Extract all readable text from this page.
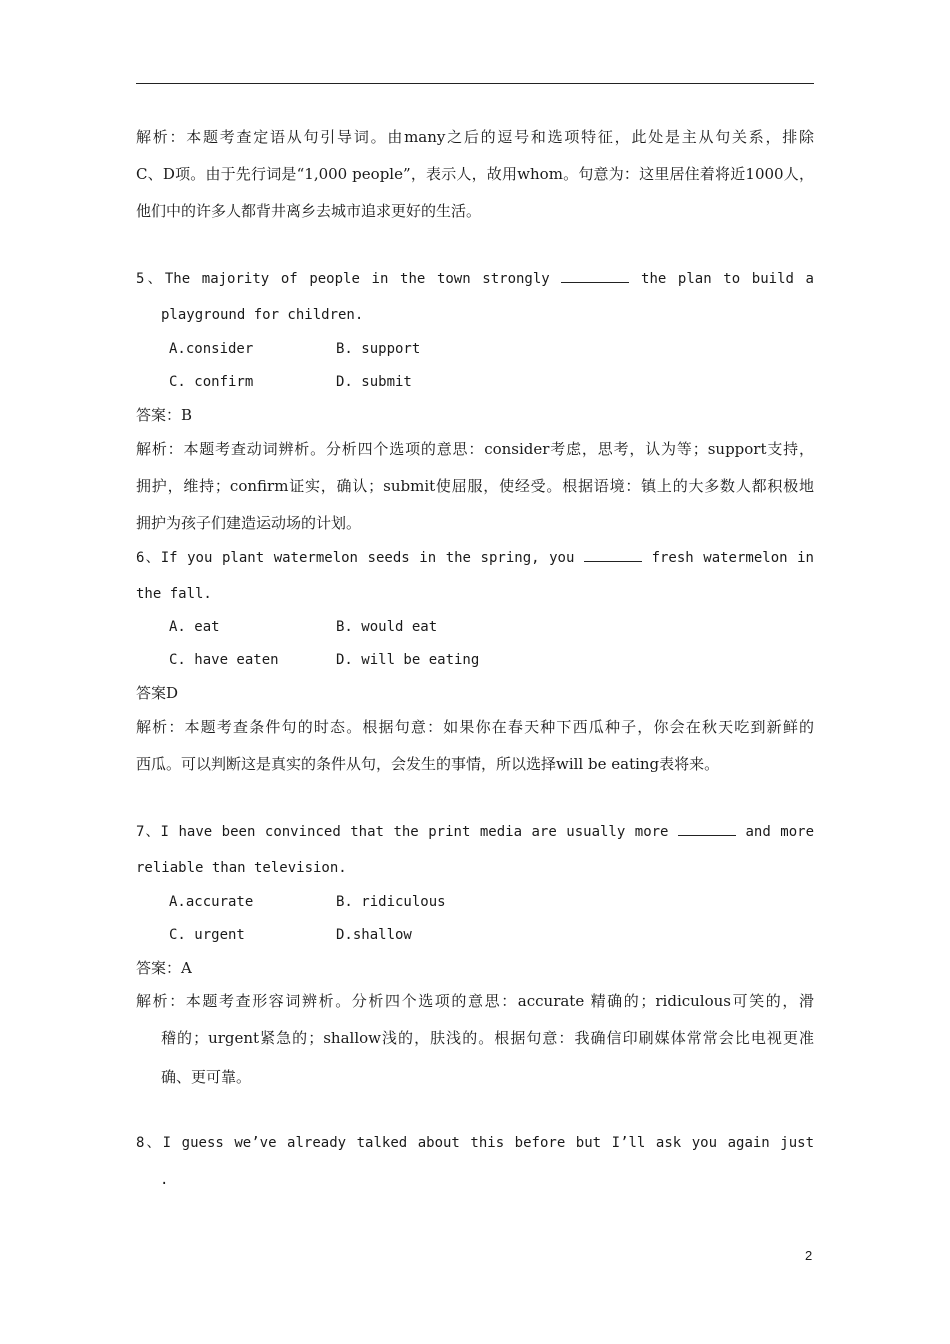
解析：本题考查定语从句引导词。由many之后的逗号和选项特征，此处是主从句关系，排除
C、D项。由于先行词是“1,000 people”，表示人，故用whom。句意为：这里居住着将近1000人，
他们中的许多人都背井离乡去城市追求更好的生活。
5、The majority of people in the town strongly	the plan to build a
playground for children.
A.consider	B. support
C. confirm	D. submit
答案：B
解析：本题考查动词辨析。分析四个选项的意思：consider考虑，思考，认为等；support支持，
拥护，维持；confirm证实，确认；submit使屈服，使经受。根据语境：镇上的大多数人都积极地
拥护为孩子们建造运动场的计划。
6、If you plant watermelon seeds in the spring, you	fresh watermelon in
the fall.
A. eat	B. would eat
C. have eaten	D. will be eating
答案D
解析：本题考查条件句的时态。根据句意：如果你在春天种下西瓜种子，你会在秋天吃到新鲜的
西瓜。可以判断这是真实的条件从句，会发生的事情，所以选择will be eating表将来。
7、I have been convinced that the print media are usually more	and more
reliable than television.
A.accurate	B. ridiculous
C. urgent	D.shallow
答案：A
解析：本题考查形容词辨析。分析四个选项的意思：accurate 精确的；ridiculous可笑的，滑
稽的；urgent紧急的；shallow浅的，肤浅的。根据句意：我确信印刷媒体常常会比电视更准
确、更可靠。
8、I guess we’ve already talked about this before but I’ll ask you again just
.
2
